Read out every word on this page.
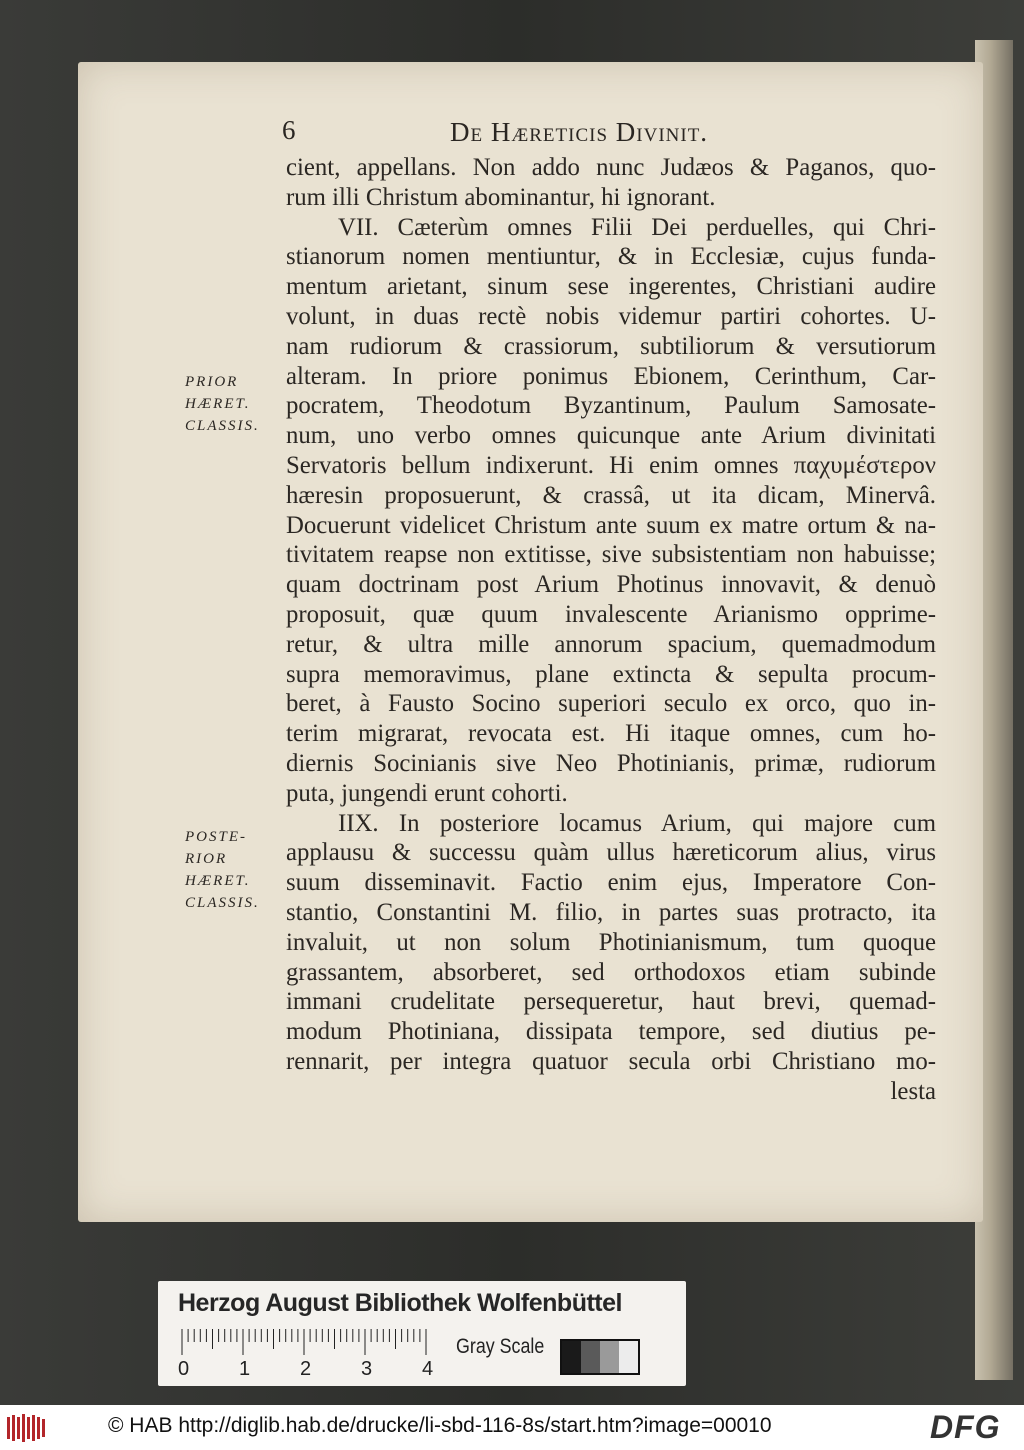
6	De Hæreticis Divinit.
PRIOR
HÆRET.
CLASSIS.
POSTE-
RIOR
HÆRET.
CLASSIS.
cient, appellans. Non addo nunc Judæos & Paganos, quo-
rum illi Christum abominantur, hi ignorant.
VII. Cæterùm omnes Filii Dei perduelles, qui Chri-
stianorum nomen mentiuntur, & in Ecclesiæ, cujus funda-
mentum arietant, sinum sese ingerentes, Christiani audire
volunt, in duas rectè nobis videmur partiri cohortes. U-
nam rudiorum & crassiorum, subtiliorum & versutiorum
alteram. In priore ponimus Ebionem, Cerinthum, Car-
pocratem, Theodotum Byzantinum, Paulum Samosate-
num, uno verbo omnes quicunque ante Arium divinitati
Servatoris bellum indixerunt. Hi enim omnes παχυμέστερον
hæresin proposuerunt, & crassâ, ut ita dicam, Minervâ.
Docuerunt videlicet Christum ante suum ex matre ortum & na-
tivitatem reapse non extitisse, sive subsistentiam non habuisse;
quam doctrinam post Arium Photinus innovavit, & denuò
proposuit, quæ quum invalescente Arianismo opprime-
retur, & ultra mille annorum spacium, quemadmodum
supra memoravimus, plane extincta & sepulta procum-
beret, à Fausto Socino superiori seculo ex orco, quo in-
terim migrarat, revocata est. Hi itaque omnes, cum ho-
diernis Socinianis sive Neo Photinianis, primæ, rudiorum
puta, jungendi erunt cohorti.
IIX. In posteriore locamus Arium, qui majore cum
applausu & successu quàm ullus hæreticorum alius, virus
suum disseminavit. Factio enim ejus, Imperatore Con-
stantio, Constantini M. filio, in partes suas protracto, ita
invaluit, ut non solum Photinianismum, tum quoque
grassantem, absorberet, sed orthodoxos etiam subinde
immani crudelitate persequeretur, haut brevi, quemad-
modum Photiniana, dissipata tempore, sed diutius pe-
rennarit, per integra quatuor secula orbi Christiano mo-
lesta
Herzog August Bibliothek Wolfenbüttel
0 1 2 3 4
Gray Scale
© HAB http://diglib.hab.de/drucke/li-sbd-116-8s/start.htm?image=00010	DFG
